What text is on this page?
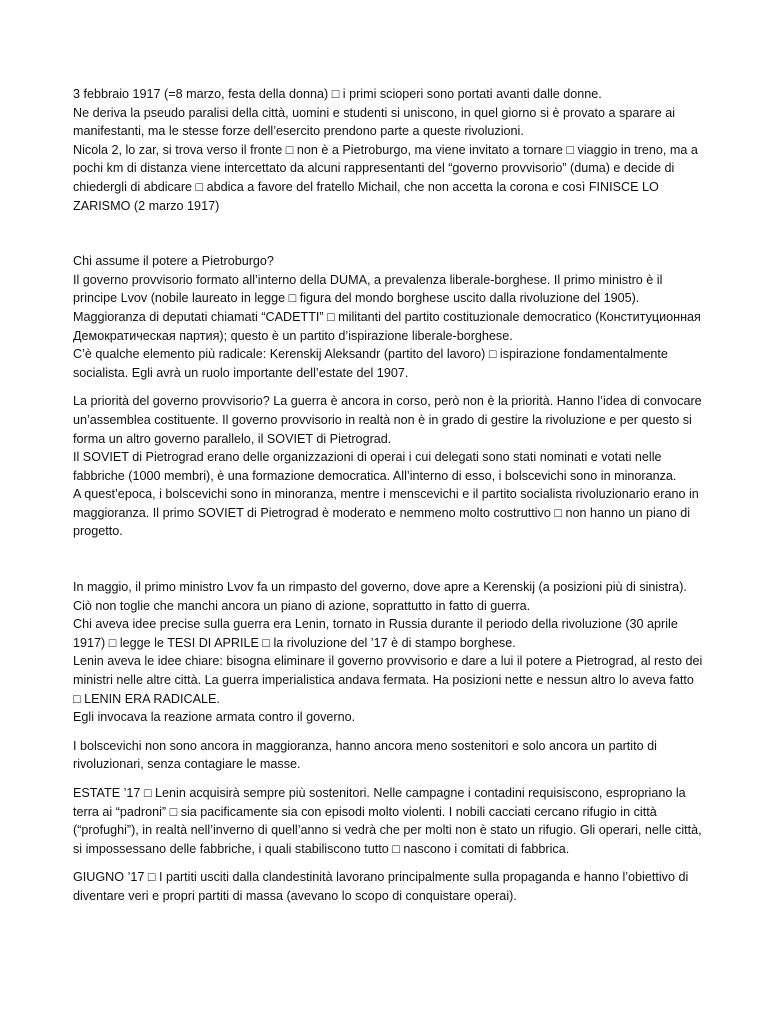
3 febbraio 1917 (=8 marzo, festa della donna) □ i primi scioperi sono portati avanti dalle donne.
Ne deriva la pseudo paralisi della città, uomini e studenti si uniscono, in quel giorno si è provato a sparare ai manifestanti, ma le stesse forze dell’esercito prendono parte a queste rivoluzioni.
Nicola 2, lo zar, si trova verso il fronte □ non è a Pietroburgo, ma viene invitato a tornare □ viaggio in treno, ma a pochi km di distanza viene intercettato da alcuni rappresentanti del “governo provvisorio” (duma) e decide di chiedergli di abdicare □ abdica a favore del fratello Michail, che non accetta la corona e così FINISCE LO ZARISMO (2 marzo 1917)

Chi assume il potere a Pietroburgo?
Il governo provvisorio formato all’interno della DUMA, a prevalenza liberale-borghese. Il primo ministro è il principe Lvov (nobile laureato in legge □ figura del mondo borghese uscito dalla rivoluzione del 1905). Maggioranza di deputati chiamati “CADETTI” □ militanti del partito costituzionale democratico (Конституционная Демократическая партия); questo è un partito d’ispirazione liberale-borghese.
C’è qualche elemento più radicale: Kerenskij Aleksandr (partito del lavoro) □ ispirazione fondamentalmente socialista. Egli avrà un ruolo importante dell’estate del 1907.

La priorità del governo provvisorio? La guerra è ancora in corso, però non è la priorità. Hanno l’idea di convocare un’assemblea costituente. Il governo provvisorio in realtà non è in grado di gestire la rivoluzione e per questo si forma un altro governo parallelo, il SOVIET di Pietrograd.
Il SOVIET di Pietrograd erano delle organizzazioni di operai i cui delegati sono stati nominati e votati nelle fabbriche (1000 membri), è una formazione democratica. All’interno di esso, i bolscevichi sono in minoranza.
A quest’epoca, i bolscevichi sono in minoranza, mentre i menscevichi e il partito socialista rivoluzionario erano in maggioranza. Il primo SOVIET di Pietrograd è moderato e nemmeno molto costruttivo □ non hanno un piano di progetto.

In maggio, il primo ministro Lvov fa un rimpasto del governo, dove apre a Kerenskij (a posizioni più di sinistra). Ciò non toglie che manchi ancora un piano di azione, soprattutto in fatto di guerra.
Chi aveva idee precise sulla guerra era Lenin, tornato in Russia durante il periodo della rivoluzione (30 aprile 1917) □ legge le TESI DI APRILE □ la rivoluzione del ’17 è di stampo borghese.
Lenin aveva le idee chiare: bisogna eliminare il governo provvisorio e dare a lui il potere a Pietrograd, al resto dei ministri nelle altre città. La guerra imperialistica andava fermata. Ha posizioni nette e nessun altro lo aveva fatto □ LENIN ERA RADICALE.
Egli invocava la reazione armata contro il governo.

I bolscevichi non sono ancora in maggioranza, hanno ancora meno sostenitori e solo ancora un partito di rivoluzionari, senza contagiare le masse.

ESTATE ’17 □ Lenin acquisirà sempre più sostenitori. Nelle campagne i contadini requisiscono, espropriano la terra ai “padroni” □ sia pacificamente sia con episodi molto violenti. I nobili cacciati cercano rifugio in città (“profughi”), in realtà nell’inverno di quell’anno si vedrà che per molti non è stato un rifugio. Gli operari, nelle città, si impossessano delle fabbriche, i quali stabiliscono tutto □ nascono i comitati di fabbrica.

GIUGNO ’17 □ I partiti usciti dalla clandestinità lavorano principalmente sulla propaganda e hanno l’obiettivo di diventare veri e propri partiti di massa (avevano lo scopo di conquistare operai).
